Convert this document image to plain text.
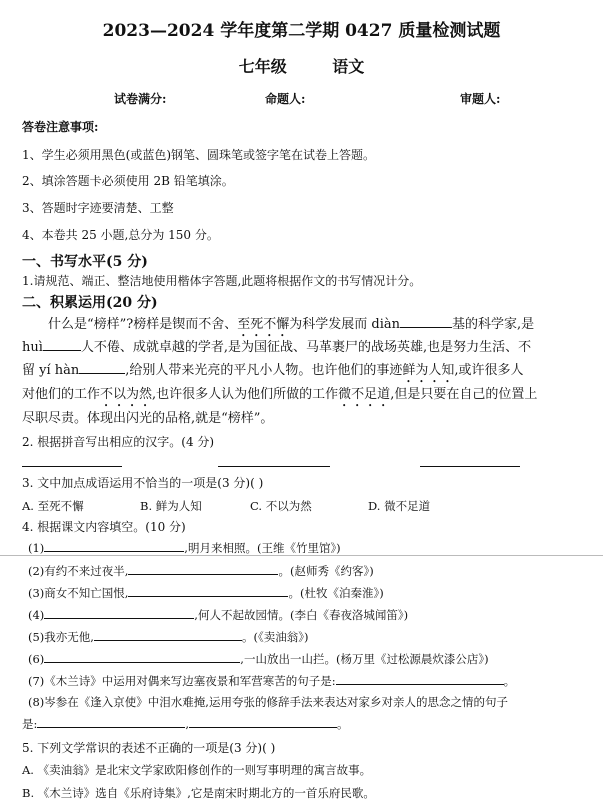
2023—2024 学年度第二学期 0427 质量检测试题
七年级	语文
试卷满分:	命题人:	审题人:
答卷注意事项:
1、学生必须用黑色(或蓝色)钢笔、圆珠笔或签字笔在试卷上答题。
2、填涂答题卡必须使用 2B 铅笔填涂。
3、答题时字迹要清楚、工整
4、本卷共 25 小题,总分为 150 分。
一、书写水平(5 分)
1.请规范、端正、整洁地使用楷体字答题,此题将根据作文的书写情况计分。
二、积累运用(20 分)
什么是“榜样”?榜样是锲而不舍、至死不懈为科学发展而 diàn	基的科学家,是
huì	人不倦、成就卓越的学者,是为国征战、马革裹尸的战场英雄,也是努力生活、不
留 yí hàn	,给别人带来光亮的平凡小人物。也许他们的事迹鲜为人知,或许很多人
对他们的工作不以为然,也许很多人认为他们所做的工作微不足道,但是只要在自己的位置上
尽职尽责。体现出闪光的品格,就是“榜样”。
2. 根据拼音写出相应的汉字。(4 分)
3. 文中加点成语运用不恰当的一项是(3 分)( )
A. 至死不懈	B. 鲜为人知	C. 不以为然	D. 微不足道
4. 根据课文内容填空。(10 分)
(1)	,明月来相照。(王维《竹里馆》)
(2)有约不来过夜半,	。(赵师秀《约客》)
(3)商女不知亡国恨,	。(杜牧《泊秦淮》)
(4)	,何人不起故园情。(李白《春夜洛城闻笛》)
(5)我亦无他,	。(《卖油翁》)
(6)	,一山放出一山拦。(杨万里《过松源晨炊漆公店》)
(7)《木兰诗》中运用对偶来写边塞夜景和军营寒苦的句子是:	。
(8)岑参在《逢入京使》中泪水难掩,运用夸张的修辞手法来表达对家乡对亲人的思念之情的句子
是:	,	。
5. 下列文学常识的表述不正确的一项是(3 分)( )
A. 《卖油翁》是北宋文学家欧阳修创作的一则写事明理的寓言故事。
B. 《木兰诗》选自《乐府诗集》,它是南宋时期北方的一首乐府民歌。
